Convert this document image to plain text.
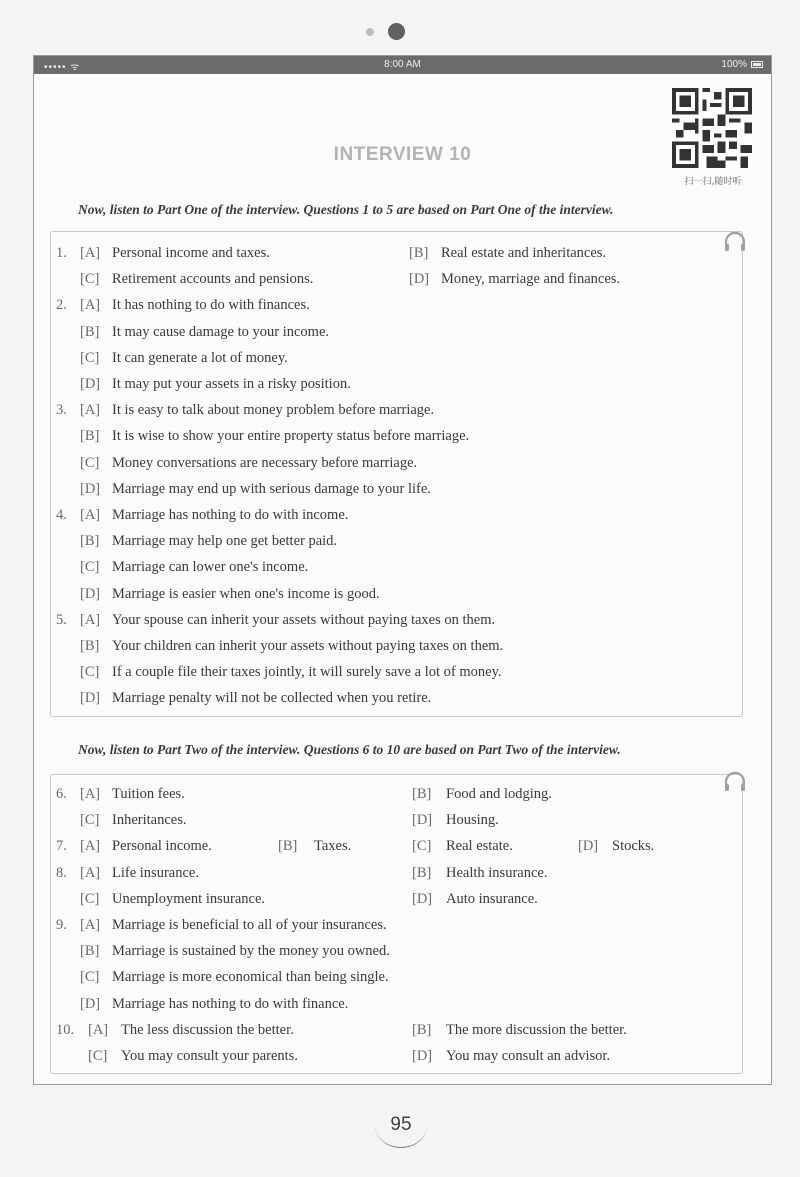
••••• ᯤ	8:00 AM	100%
INTERVIEW 10
扫一扫,随时听
Now, listen to Part One of the interview. Questions 1 to 5 are based on Part One of the interview.
Now, listen to Part Two of the interview. Questions 6 to 10 are based on Part Two of the interview.
1. [A] Personal income and taxes.	[B] Real estate and inheritances.
[C] Retirement accounts and pensions.	[D] Money, marriage and finances.
2. [A] It has nothing to do with finances.
[B] It may cause damage to your income.
[C] It can generate a lot of money.
[D] It may put your assets in a risky position.
3. [A] It is easy to talk about money problem before marriage.
[B] It is wise to show your entire property status before marriage.
[C] Money conversations are necessary before marriage.
[D] Marriage may end up with serious damage to your life.
4. [A] Marriage has nothing to do with income.
[B] Marriage may help one get better paid.
[C] Marriage can lower one's income.
[D] Marriage is easier when one's income is good.
5. [A] Your spouse can inherit your assets without paying taxes on them.
[B] Your children can inherit your assets without paying taxes on them.
[C] If a couple file their taxes jointly, it will surely save a lot of money.
[D] Marriage penalty will not be collected when you retire.
6. [A] Tuition fees.	[B] Food and lodging.
[C] Inheritances.	[D] Housing.
7. [A] Personal income.	[B] Taxes.	[C] Real estate.	[D] Stocks.
8. [A] Life insurance.	[B] Health insurance.
[C] Unemployment insurance.	[D] Auto insurance.
9. [A] Marriage is beneficial to all of your insurances.
[B] Marriage is sustained by the money you owned.
[C] Marriage is more economical than being single.
[D] Marriage has nothing to do with finance.
10. [A] The less discussion the better.	[B] The more discussion the better.
[C] You may consult your parents.	[D] You may consult an advisor.
95
